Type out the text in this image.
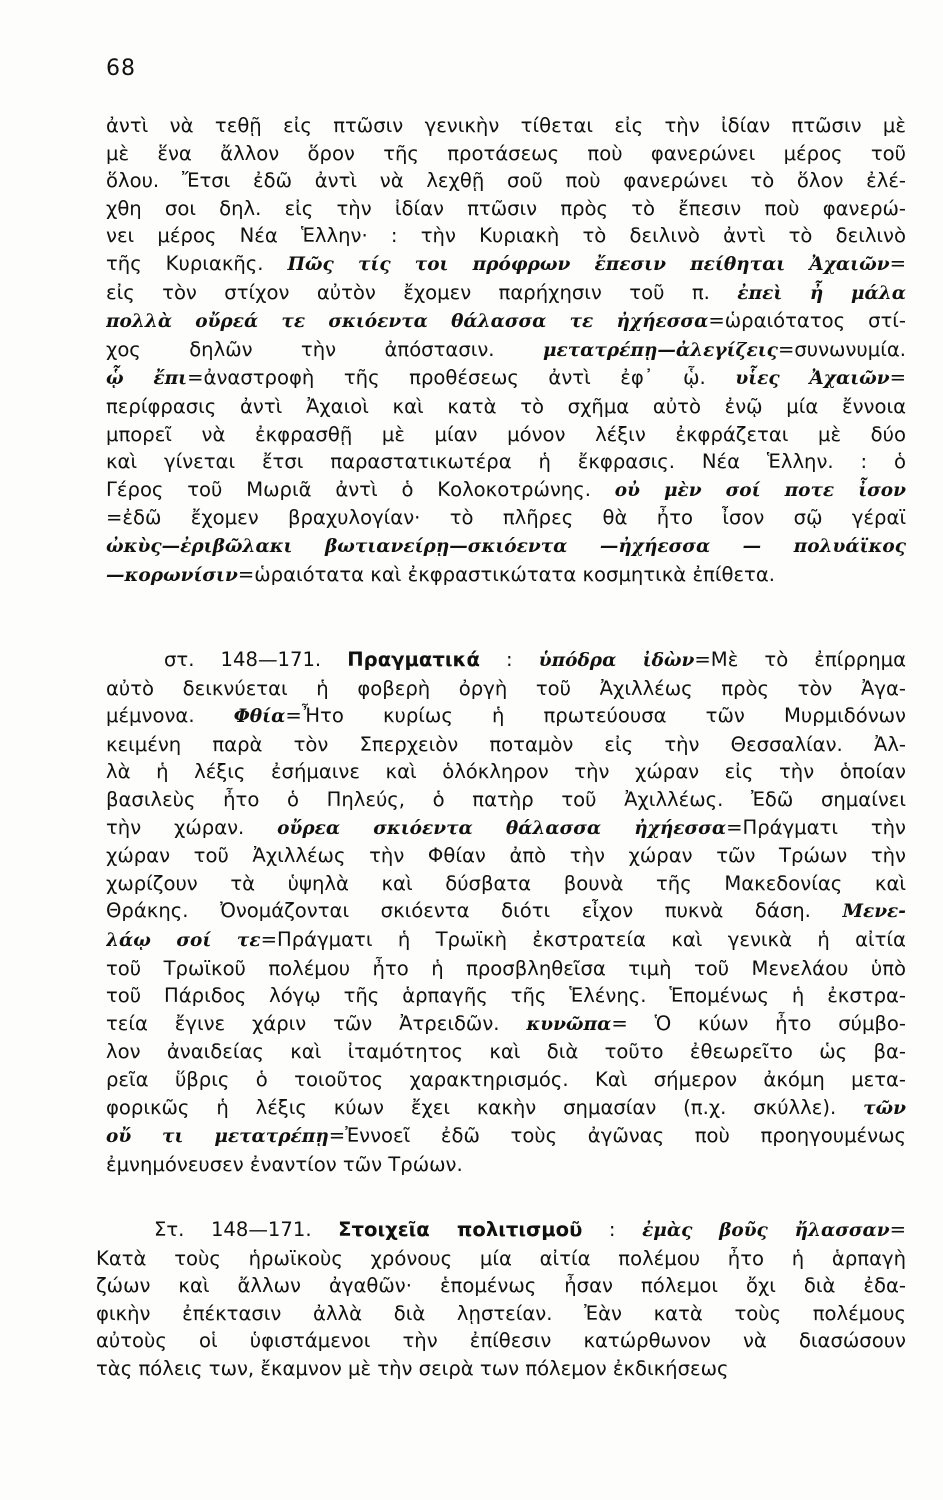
68
ἀντὶ νὰ τεθῇ εἰς πτῶσιν γενικὴν τίθεται εἰς τὴν ἰδίαν πτῶσιν μὲ
μὲ ἕνα ἄλλον ὅρον τῆς προτάσεως ποὺ φανερώνει μέρος τοῦ
ὅλου. Ἔτσι ἐδῶ ἀντὶ νὰ λεχθῇ σοῦ ποὺ φανερώνει τὸ ὅλον ἐλέ-
χθη σοι δηλ. εἰς τὴν ἰδίαν πτῶσιν πρὸς τὸ ἔπεσιν ποὺ φανερώ-
νει μέρος Νέα Ἑλλην· : τὴν Κυριακὴ τὸ δειλινὸ ἀντὶ τὸ δειλινὸ
τῆς Κυριακῆς. Πῶς τίς τοι πρόφρων ἔπεσιν πείθηται Ἀχαιῶν=
εἰς τὸν στίχον αὐτὸν ἔχομεν παρήχησιν τοῦ π. ἐπεὶ ἦ μάλα
πολλὰ οὔρεά τε σκιόεντα θάλασσα τε ἠχήεσσα=ὡραιότατος στί-
χος δηλῶν τὴν ἀπόστασιν. μετατρέπῃ—ἀλεγίζεις=συνωνυμία.
ᾧ ἔπι=ἀναστροφὴ τῆς προθέσεως ἀντὶ ἐφ᾽ ᾧ. υἷες Ἀχαιῶν=
περίφρασις ἀντὶ Ἀχαιοὶ καὶ κατὰ τὸ σχῆμα αὐτὸ ἐνῷ μία ἔννοια
μπορεῖ νὰ ἐκφρασθῇ μὲ μίαν μόνον λέξιν ἐκφράζεται μὲ δύο
καὶ γίνεται ἔτσι παραστατικωτέρα ἡ ἔκφρασις. Νέα Ἑλλην. : ὁ
Γέρος τοῦ Μωριᾶ ἀντὶ ὁ Κολοκοτρώνης. οὐ μὲν σοί ποτε ἶσον
=ἐδῶ ἔχομεν βραχυλογίαν· τὸ πλῆρες θὰ ἦτο ἶσον σῷ γέραϊ
ὠκὺς—ἐριβῶλακι βωτιανείρῃ—σκιόεντα —ἠχήεσσα — πολυάϊκος
—κορωνίσιν=ὡραιότατα καὶ ἐκφραστικώτατα κοσμητικὰ ἐπίθετα.
στ. 148—171. Πραγματικά : ὑπόδρα ἰδὼν=Μὲ τὸ ἐπίρρημα
αὐτὸ δεικνύεται ἡ φοβερὴ ὀργὴ τοῦ Ἀχιλλέως πρὸς τὸν Ἀγα-
μέμνονα. Φθία=Ἦτο κυρίως ἡ πρωτεύουσα τῶν Μυρμιδόνων
κειμένη παρὰ τὸν Σπερχειὸν ποταμὸν εἰς τὴν Θεσσαλίαν. Ἀλ-
λὰ ἡ λέξις ἐσήμαινε καὶ ὁλόκληρον τὴν χώραν εἰς τὴν ὁποίαν
βασιλεὺς ἦτο ὁ Πηλεύς, ὁ πατὴρ τοῦ Ἀχιλλέως. Ἐδῶ σημαίνει
τὴν χώραν. οὔρεα σκιόεντα θάλασσα ἠχήεσσα=Πράγματι τὴν
χώραν τοῦ Ἀχιλλέως τὴν Φθίαν ἀπὸ τὴν χώραν τῶν Τρώων τὴν
χωρίζουν τὰ ὑψηλὰ καὶ δύσβατα βουνὰ τῆς Μακεδονίας καὶ
Θράκης. Ὀνομάζονται σκιόεντα διότι εἶχον πυκνὰ δάση. Μενε-
λάῳ σοί τε=Πράγματι ἡ Τρωϊκὴ ἐκστρατεία καὶ γενικὰ ἡ αἰτία
τοῦ Τρωϊκοῦ πολέμου ἦτο ἡ προσβληθεῖσα τιμὴ τοῦ Μενελάου ὑπὸ
τοῦ Πάριδος λόγῳ τῆς ἁρπαγῆς τῆς Ἑλένης. Ἑπομένως ἡ ἐκστρα-
τεία ἔγινε χάριν τῶν Ἀτρειδῶν. κυνῶπα= Ὁ κύων ἦτο σύμβο-
λον ἀναιδείας καὶ ἰταμότητος καὶ διὰ τοῦτο ἐθεωρεῖτο ὡς βα-
ρεῖα ὕβρις ὁ τοιοῦτος χαρακτηρισμός. Καὶ σήμερον ἀκόμη μετα-
φορικῶς ἡ λέξις κύων ἔχει κακὴν σημασίαν (π.χ. σκύλλε). τῶν
οὔ τι μετατρέπῃ=Ἐννοεῖ ἐδῶ τοὺς ἀγῶνας ποὺ προηγουμένως
ἐμνημόνευσεν ἐναντίον τῶν Τρώων.
Στ. 148—171. Στοιχεῖα πολιτισμοῦ : ἐμὰς βοῦς ἤλασσαν=
Κατὰ τοὺς ἡρωϊκοὺς χρόνους μία αἰτία πολέμου ἦτο ἡ ἁρπαγὴ
ζώων καὶ ἄλλων ἀγαθῶν· ἑπομένως ἦσαν πόλεμοι ὄχι διὰ ἐδα-
φικὴν ἐπέκτασιν ἀλλὰ διὰ λῃστείαν. Ἐὰν κατὰ τοὺς πολέμους
αὐτοὺς οἱ ὑφιστάμενοι τὴν ἐπίθεσιν κατώρθωνον νὰ διασώσουν
τὰς πόλεις των, ἔκαμνον μὲ τὴν σειρὰ των πόλεμον ἐκδικήσεως
